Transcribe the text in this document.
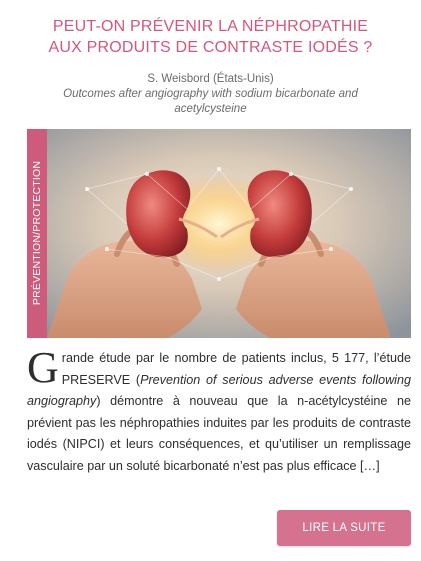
PEUT-ON PRÉVENIR LA NÉPHROPATHIE
AUX PRODUITS DE CONTRASTE IODÉS ?
S. Weisbord (États-Unis)
Outcomes after angiography with sodium bicarbonate and acetylcysteine
PRÉVENTION/PROTECTION
Grande étude par le nombre de patients inclus, 5 177, l’étude PRESERVE (Prevention of serious adverse events following angiography) démontre à nouveau que la n-acétylcystéine ne prévient pas les néphropathies induites par les produits de contraste iodés (NIPCI) et leurs conséquences, et qu’utiliser un remplissage vasculaire par un soluté bicarbonaté n’est pas plus efficace […]
LIRE LA SUITE
